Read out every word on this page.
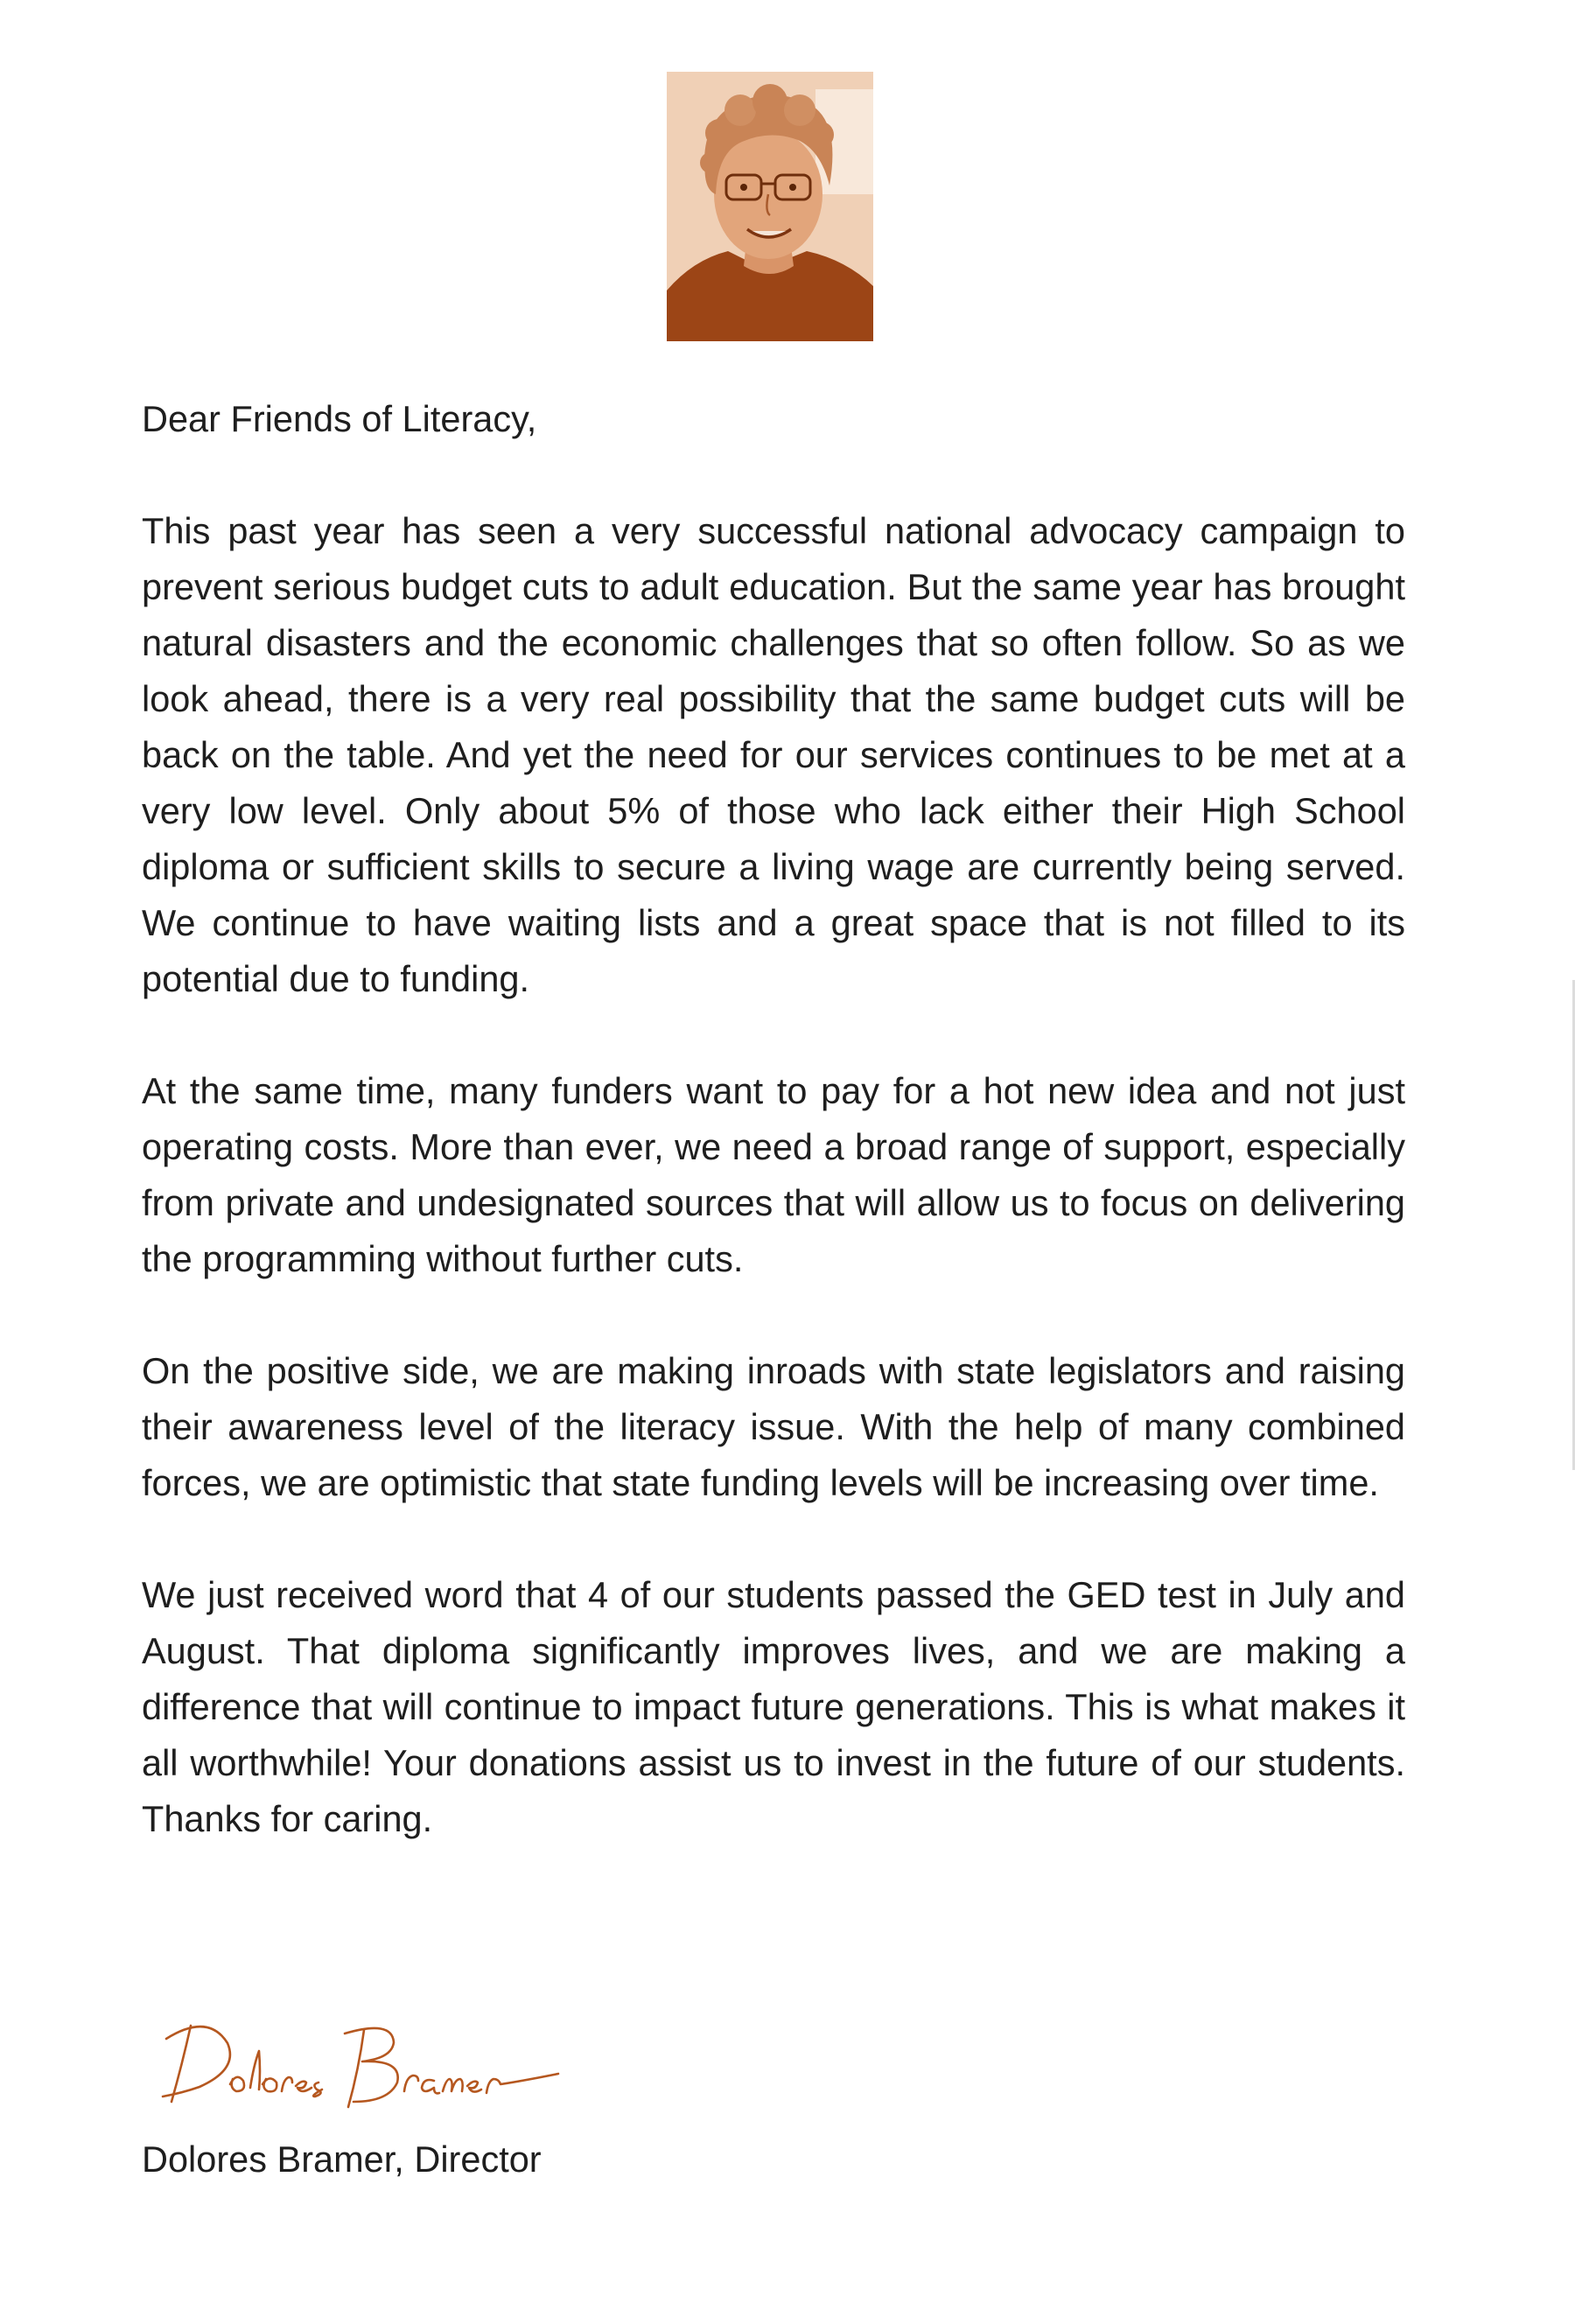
Dear Friends of Literacy,

This past year has seen a very successful national advocacy campaign to prevent serious budget cuts to adult education. But the same year has brought natural disasters and the economic challenges that so often follow. So as we look ahead, there is a very real possibility that the same budget cuts will be back on the table. And yet the need for our services continues to be met at a very low level. Only about 5% of those who lack either their High School diploma or sufficient skills to secure a living wage are currently being served. We continue to have waiting lists and a great space that is not filled to its potential due to funding.

At the same time, many funders want to pay for a hot new idea and not just operating costs. More than ever, we need a broad range of support, especially from private and undesignated sources that will allow us to focus on delivering the programming without further cuts.

On the positive side, we are making inroads with state legislators and raising their awareness level of the literacy issue. With the help of many combined forces, we are optimistic that state funding levels will be increasing over time.

We just received word that 4 of our students passed the GED test in July and August. That diploma significantly improves lives, and we are making a difference that will continue to impact future generations. This is what makes it all worthwhile! Your donations assist us to invest in the future of our students. Thanks for caring.

Dolores Bramer, Director
